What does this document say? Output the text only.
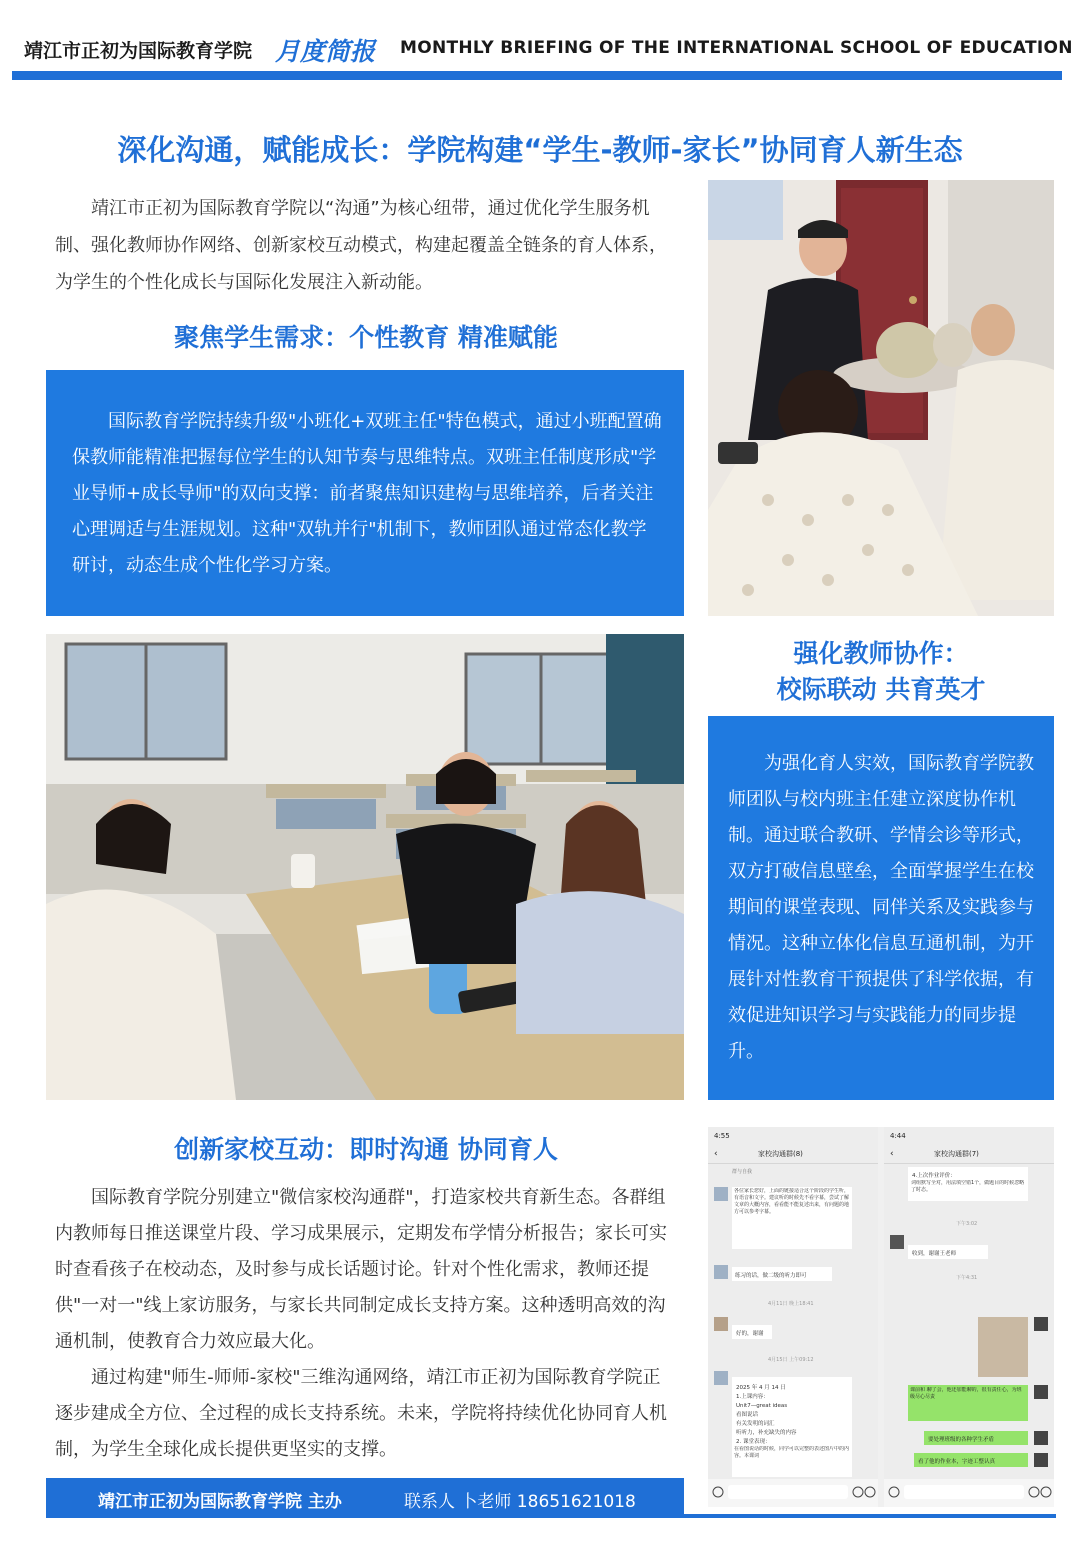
靖江市正初为国际教育学院 月度简报 MONTHLY BRIEFING OF THE INTERNATIONAL SCHOOL OF EDUCATION
深化沟通，赋能成长：学院构建“学生-教师-家长”协同育人新生态

靖江市正初为国际教育学院以“沟通”为核心纽带，通过优化学生服务机制、强化教师协作网络、创新家校互动模式，构建起覆盖全链条的育人体系，为学生的个性化成长与国际化发展注入新动能。

聚焦学生需求：个性教育 精准赋能

国际教育学院持续升级"小班化+双班主任"特色模式，通过小班配置确保教师能精准把握每位学生的认知节奏与思维特点。双班主任制度形成"学业导师+成长导师"的双向支撑：前者聚焦知识建构与思维培养，后者关注心理调适与生涯规划。这种"双轨并行"机制下，教师团队通过常态化教学研讨，动态生成个性化学习方案。

强化教师协作：
校际联动 共育英才

为强化育人实效，国际教育学院教师团队与校内班主任建立深度协作机制。通过联合教研、学情会诊等形式，双方打破信息壁垒，全面掌握学生在校期间的课堂表现、同伴关系及实践参与情况。这种立体化信息互通机制，为开展针对性教育干预提供了科学依据，有效促进知识学习与实践能力的同步提升。

创新家校互动：即时沟通 协同育人

国际教育学院分别建立"微信家校沟通群"，打造家校共育新生态。各群组内教师每日推送课堂片段、学习成果展示，定期发布学情分析报告；家长可实时查看孩子在校动态，及时参与成长话题讨论。针对个性化需求，教师还提供"一对一"线上家访服务，与家长共同制定成长支持方案。这种透明高效的沟通机制，使教育合力效应最大化。

通过构建"师生-师师-家校"三维沟通网络，靖江市正初为国际教育学院正逐步建成全方位、全过程的成长支持系统。未来，学院将持续优化协同育人机制，为学生全球化成长提供更坚实的支撑。

4:55
家校沟通群(8)
‹
群与自我
各位家长您好，上面的链接适合这个阶段的学生听，有语音和文字。建议听的时候先不看字幕，尝试了解文章的大概内容，看看能不能复述出来，有问题的地方可以参考字幕。
练习的话，做二级的听力即可
4月11日 晚上18:41
好的，谢谢
4月15日 上午09:12
2025 年 4 月 14 日
1.上课内容：
Unit7—great ideas
看图说话
有关发明的词汇
听听力，补充缺失的内容
2. 课堂表现：
在看图说话的时候，同学可以完整的表述图片中的内容。本课词
4:44
家校沟通群(7)
‹
4.上次作业评价：
词组默写全对，用法填空错1个，做题目的时候忽略了时态。
下午3:02
收到，谢谢王老师
下午4:31
课前和 聊了会，他还加能聊的，很有责任心，为班级尽心尽责
要处理班级的各种学生矛盾
看了他的作业本，字迹工整认真
靖江市正初为国际教育学院 主办	联系人 卜老师 18651621018
